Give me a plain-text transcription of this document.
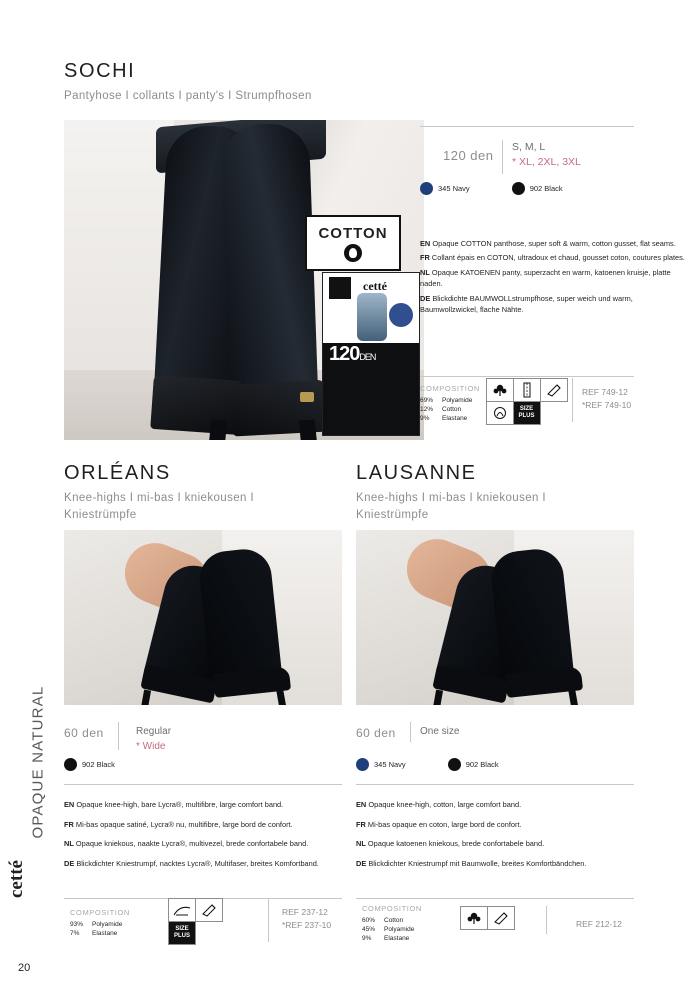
OPAQUE NATURAL
cetté
20
SOCHI
Pantyhose I collants I panty's I Strumpfhosen
COTTON
cetté
120DEN
120 den
S, M, L
* XL, 2XL, 3XL
345 Navy	902 Black

EN Opaque COTTON panthose, super soft & warm, cotton gusset, flat seams.

FR Collant épais en COTON, ultradoux et chaud, gousset coton, coutures plates.

NL Opaque KATOENEN panty, superzacht en warm, katoenen kruisje, platte naden.

DE Blickdichte BAUMWOLLstrumpfhose, super weich und warm, Baumwollzwickel, flache Nähte.

COMPOSITION
69% Polyamide
12% Cotton
9% Elastane
SIZE PLUS
REF 749-12
*REF 749-10
ORLÉANS
Knee-highs I mi-bas I kniekousen I Kniestrümpfe
60 den	Regular
* Wide
902 Black

EN Opaque knee-high, bare Lycra®, multifibre, large comfort band.

FR Mi-bas opaque satiné, Lycra® nu, multifibre, large bord de confort.

NL Opaque kniekous, naakte Lycra®, multivezel, brede confortabele band.

DE Blickdichter Kniestrumpf, nacktes Lycra®, Multifaser, breites Komfortband.

COMPOSITION
93% Polyamide
7% Elastane
SIZE PLUS
REF 237-12
*REF 237-10
LAUSANNE
Knee-highs I mi-bas I kniekousen I Kniestrümpfe
60 den One size
345 Navy	902 Black

EN Opaque knee-high, cotton, large comfort band.

FR Mi-bas opaque en coton, large bord de confort.

NL Opaque katoenen kniekous, brede confortabele band.

DE Blickdichter Kniestrumpf mit Baumwolle, breites Komfortbändchen.

COMPOSITION
60% Cotton
45% Polyamide
9% Elastane
REF 212-12
